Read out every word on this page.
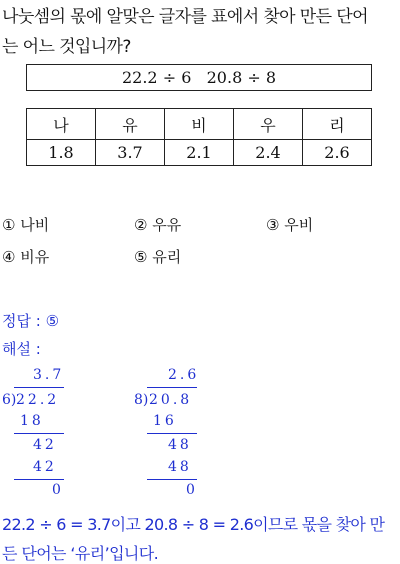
나눗셈의 몫에 알맞은 글자를 표에서 찾아 만든 단어
는 어느 것입니까?
22.2 ÷ 6   20.8 ÷ 8
나	유	비	우	리
1.8	3.7	2.1	2.4	2.6
① 나비	② 우유	③ 우비
④ 비유	⑤ 유리
정답 : ⑤
해설 :
3.7
6) 22.2
18
42
42
0
2.6
8) 20.8
16
48
48
0
22.2 ÷ 6 = 3.7이고 20.8 ÷ 8 = 2.6이므로 몫을 찾아 만
든 단어는 ‘유리’입니다.
